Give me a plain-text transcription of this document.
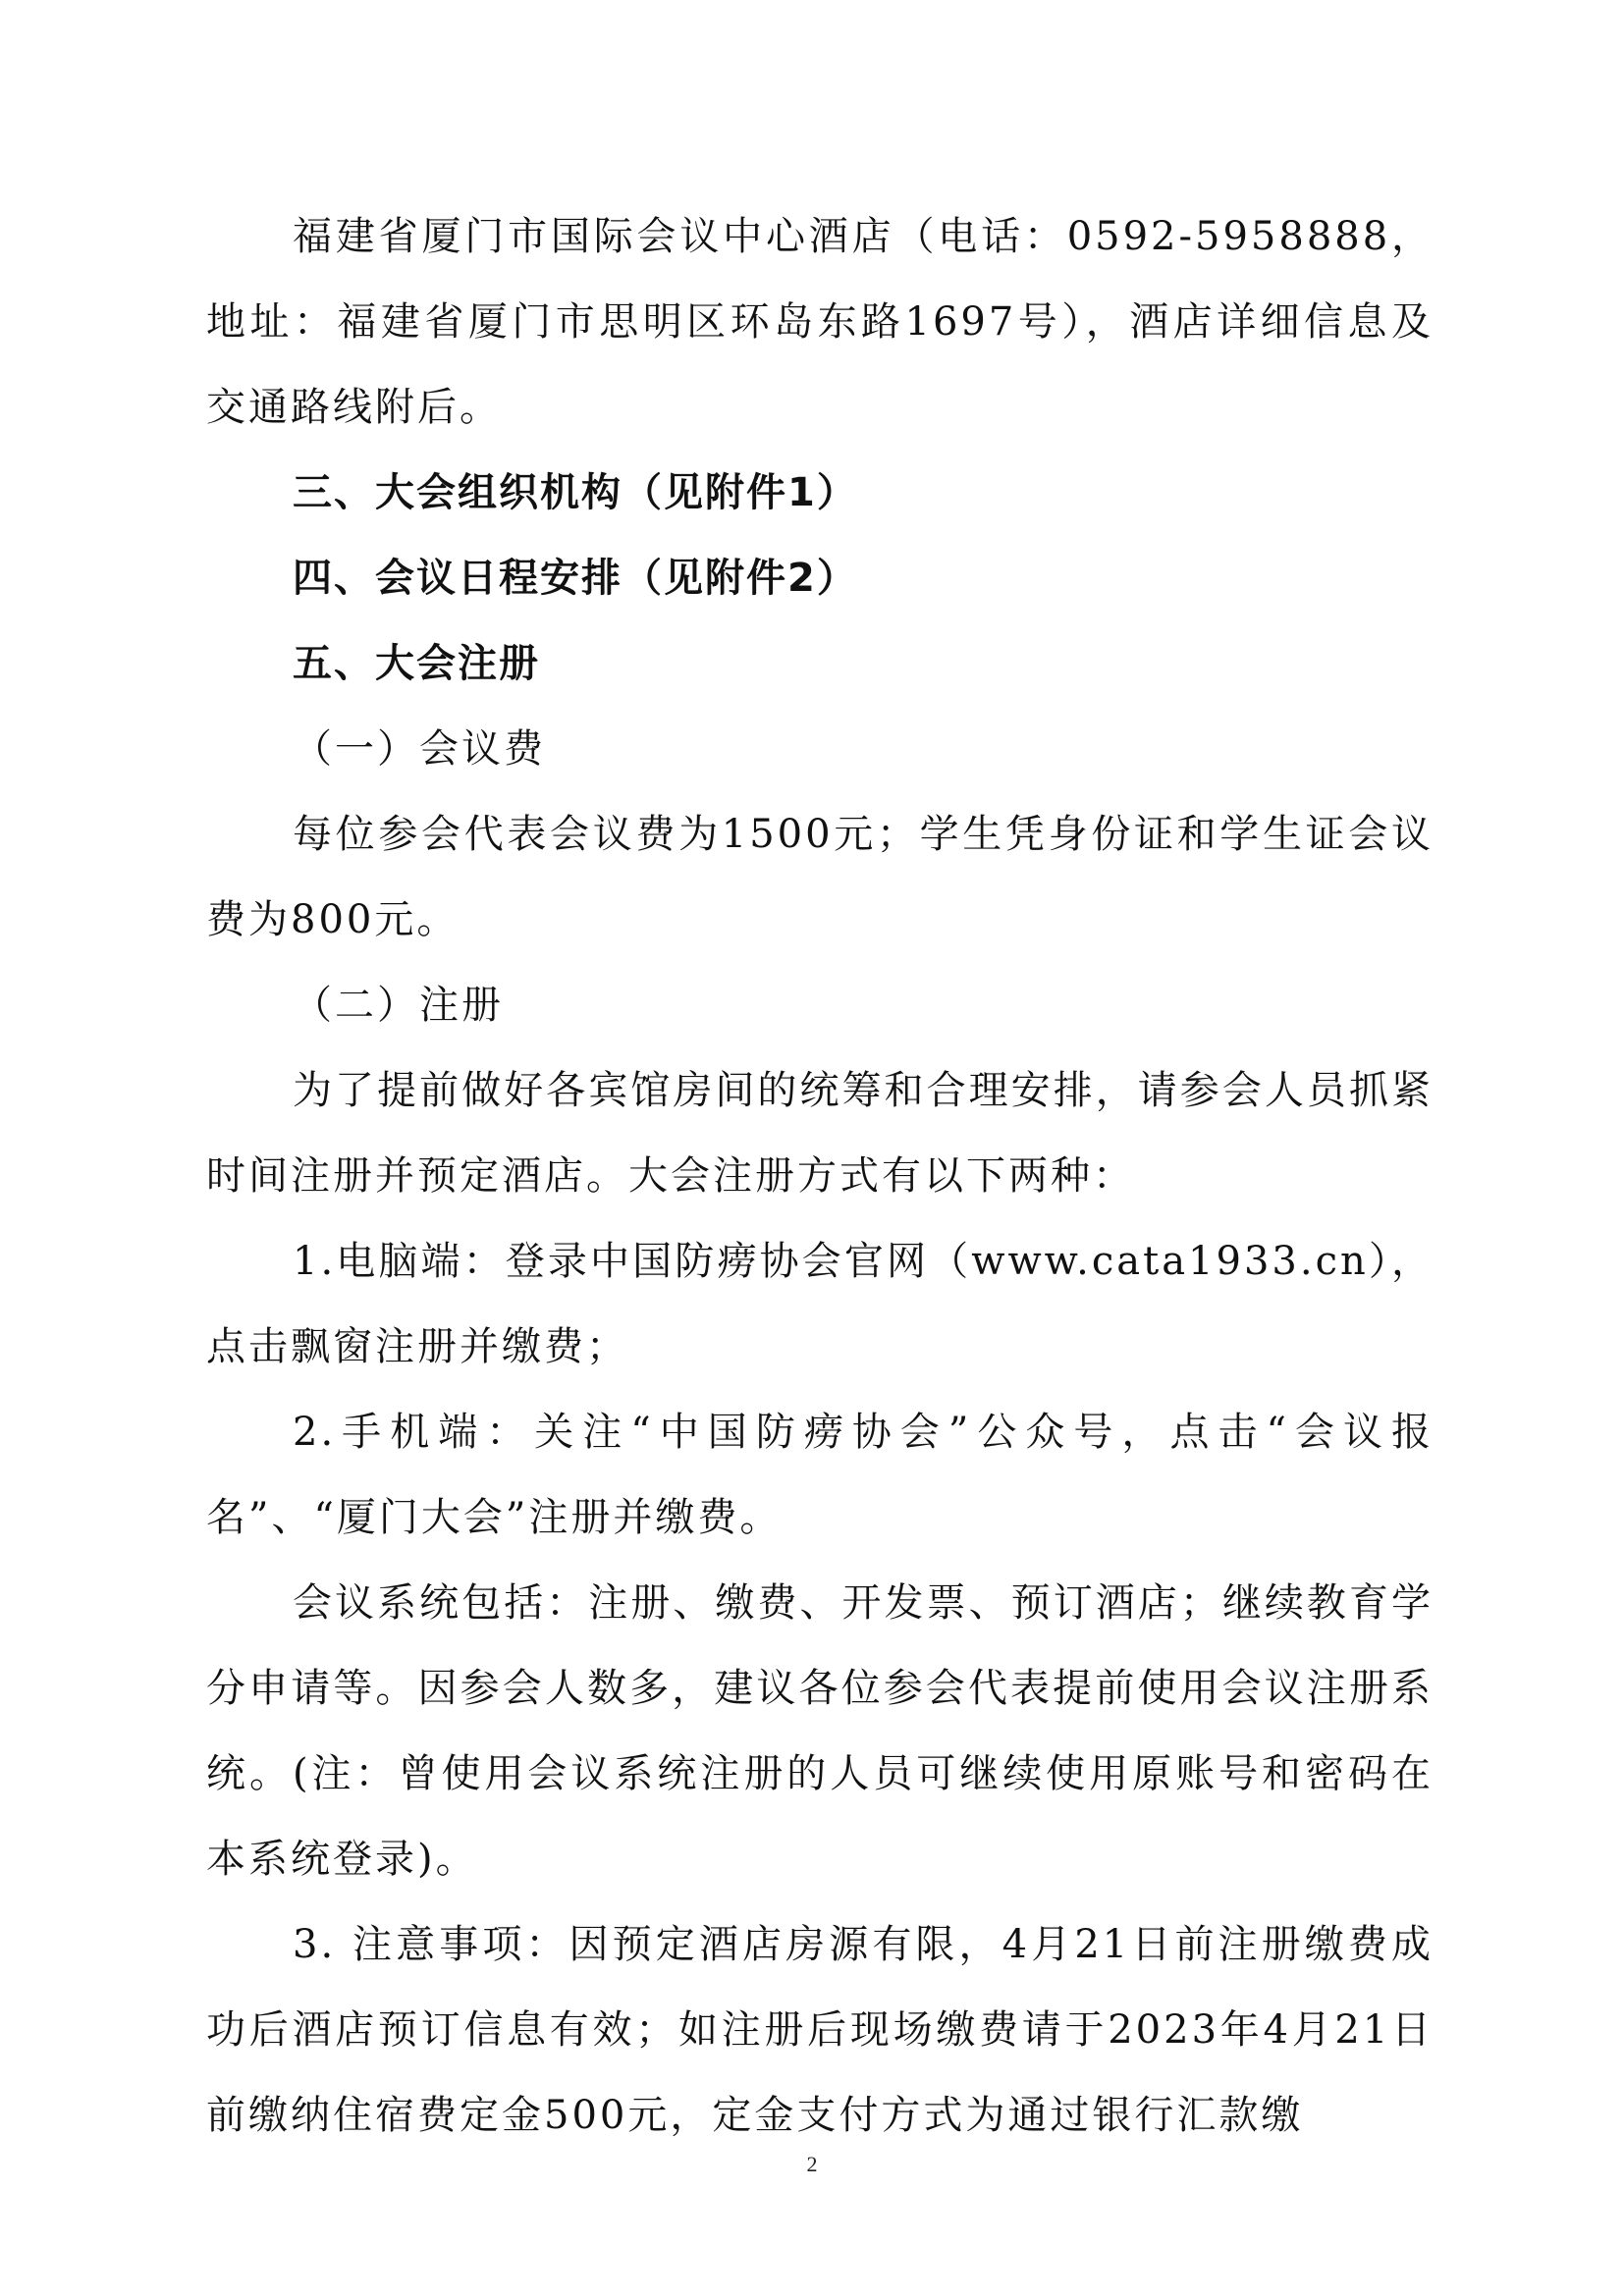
福建省厦门市国际会议中心酒店（电话：0592-5958888，地址：福建省厦门市思明区环岛东路1697号），酒店详细信息及交通路线附后。

三、大会组织机构（见附件1）

四、会议日程安排（见附件2）

五、大会注册

（一）会议费

每位参会代表会议费为1500元；学生凭身份证和学生证会议费为800元。

（二）注册

为了提前做好各宾馆房间的统筹和合理安排，请参会人员抓紧时间注册并预定酒店。大会注册方式有以下两种：

1.电脑端：登录中国防痨协会官网（www.cata1933.cn），点击飘窗注册并缴费；

2.手机端：关注“中国防痨协会”公众号，点击“会议报名”、“厦门大会”注册并缴费。

会议系统包括：注册、缴费、开发票、预订酒店；继续教育学分申请等。因参会人数多，建议各位参会代表提前使用会议注册系统。(注：曾使用会议系统注册的人员可继续使用原账号和密码在本系统登录)。

3. 注意事项：因预定酒店房源有限，4月21日前注册缴费成功后酒店预订信息有效；如注册后现场缴费请于2023年4月21日前缴纳住宿费定金500元，定金支付方式为通过银行汇款缴

2
